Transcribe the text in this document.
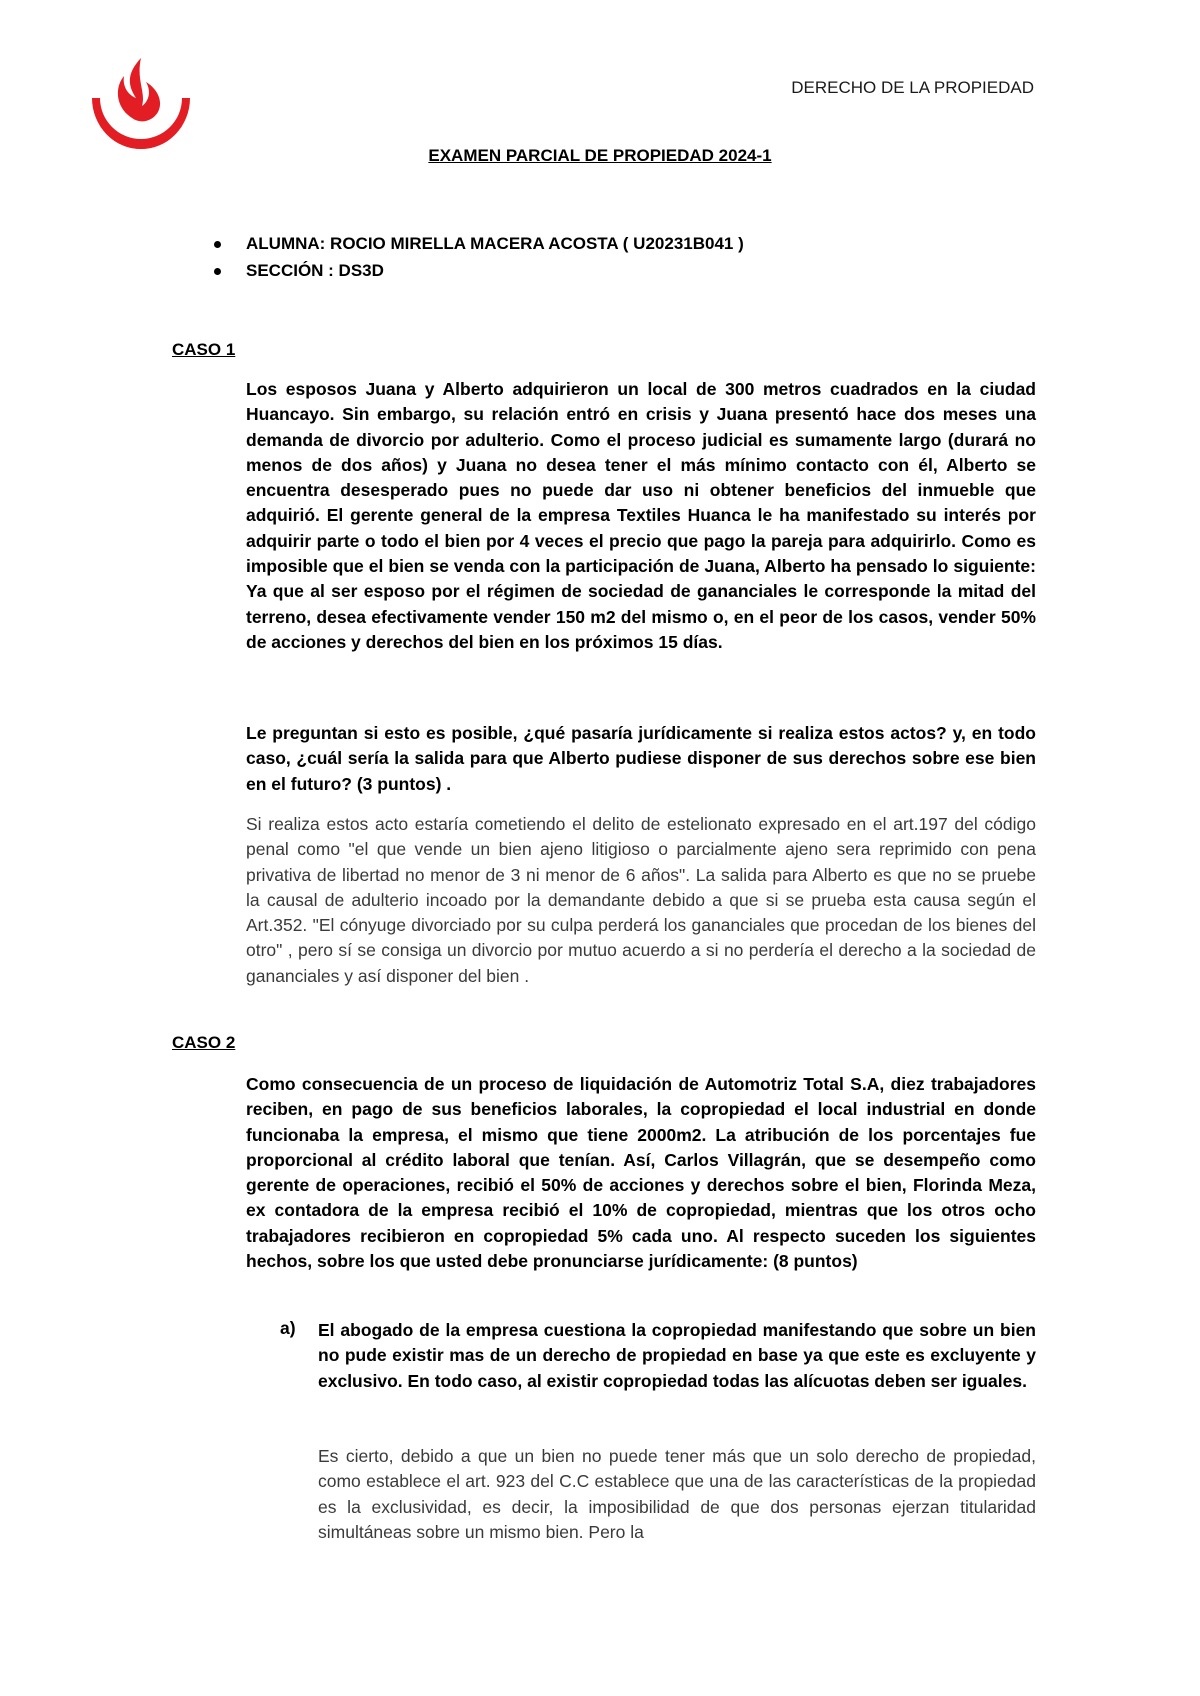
DERECHO DE LA PROPIEDAD
EXAMEN PARCIAL DE PROPIEDAD 2024-1
ALUMNA: ROCIO MIRELLA MACERA ACOSTA ( U20231B041 )
SECCIÓN : DS3D
CASO 1

Los esposos Juana y Alberto adquirieron un local de 300 metros cuadrados en la ciudad Huancayo. Sin embargo, su relación entró en crisis y Juana presentó hace dos meses una demanda de divorcio por adulterio. Como el proceso judicial es sumamente largo (durará no menos de dos años) y Juana no desea tener el más mínimo contacto con él, Alberto se encuentra desesperado pues no puede dar uso ni obtener beneficios del inmueble que adquirió. El gerente general de la empresa Textiles Huanca le ha manifestado su interés por adquirir parte o todo el bien por 4 veces el precio que pago la pareja para adquirirlo. Como es imposible que el bien se venda con la participación de Juana, Alberto ha pensado lo siguiente: Ya que al ser esposo por el régimen de sociedad de gananciales le corresponde la mitad del terreno, desea efectivamente vender 150 m2 del mismo o, en el peor de los casos, vender 50% de acciones y derechos del bien en los próximos 15 días.

Le preguntan si esto es posible, ¿qué pasaría jurídicamente si realiza estos actos? y, en todo caso, ¿cuál sería la salida para que Alberto pudiese disponer de sus derechos sobre ese bien en el futuro? (3 puntos) .

Si realiza estos acto estaría cometiendo el delito de estelionato expresado en el art.197 del código penal como "el que vende un bien ajeno litigioso o parcialmente ajeno sera reprimido con pena privativa de libertad no menor de 3 ni menor de 6 años". La salida para Alberto es que no se pruebe la causal de adulterio incoado por la demandante debido a que si se prueba esta causa según el Art.352. "El cónyuge divorciado por su culpa perderá los gananciales que procedan de los bienes del otro" , pero sí se consiga un divorcio por mutuo acuerdo a si no perdería el derecho a la sociedad de gananciales y así disponer del bien .

CASO 2

Como consecuencia de un proceso de liquidación de Automotriz Total S.A, diez trabajadores reciben, en pago de sus beneficios laborales, la copropiedad el local industrial en donde funcionaba la empresa, el mismo que tiene 2000m2. La atribución de los porcentajes fue proporcional al crédito laboral que tenían. Así, Carlos Villagrán, que se desempeño como gerente de operaciones, recibió el 50% de acciones y derechos sobre el bien, Florinda Meza, ex contadora de la empresa recibió el 10% de copropiedad, mientras que los otros ocho trabajadores recibieron en copropiedad 5% cada uno. Al respecto suceden los siguientes hechos, sobre los que usted debe pronunciarse jurídicamente: (8 puntos)

a) El abogado de la empresa cuestiona la copropiedad manifestando que sobre un bien no pude existir mas de un derecho de propiedad en base ya que este es excluyente y exclusivo. En todo caso, al existir copropiedad todas las alícuotas deben ser iguales.

Es cierto, debido a que un bien no puede tener más que un solo derecho de propiedad, como establece el art. 923 del C.C establece que una de las características de la propiedad es la exclusividad, es decir, la imposibilidad de que dos personas ejerzan titularidad simultáneas sobre un mismo bien. Pero la
